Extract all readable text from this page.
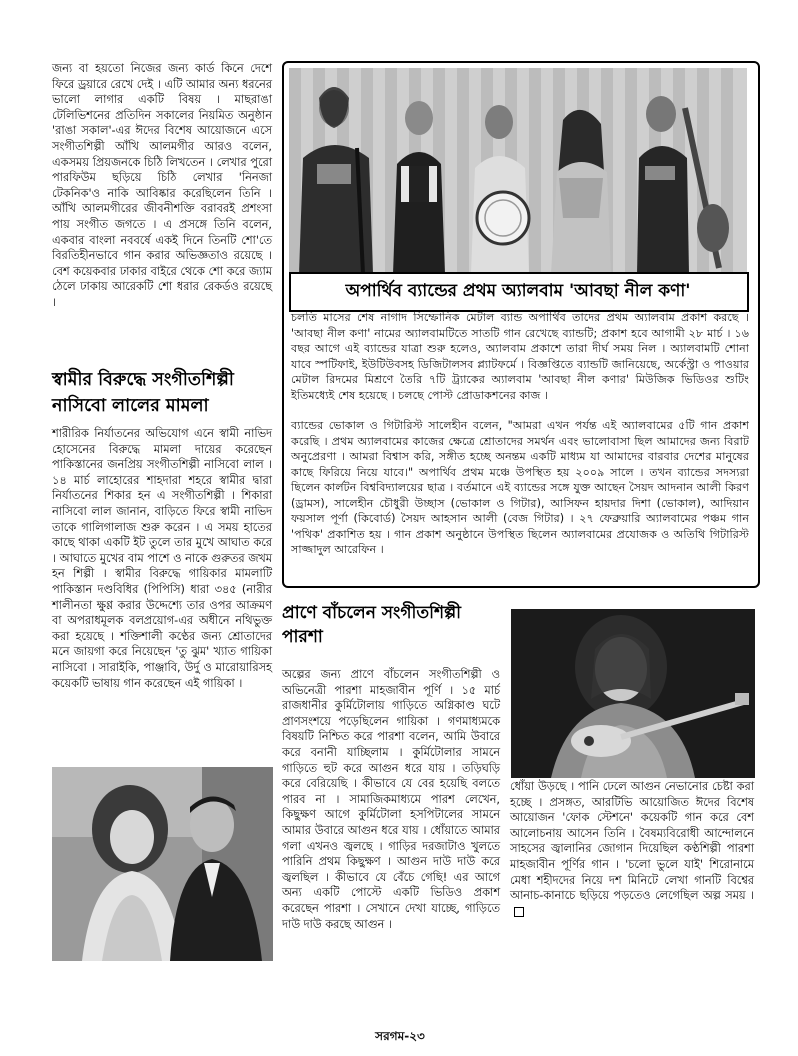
জন্য বা হয়তো নিজের জন্য কার্ড কিনে দেশে ফিরে ড্রয়ারে রেখে দেই । এটি আমার অন্য ধরনের ভালো লাগার একটি বিষয় । মাছরাঙা টেলিভিশনের প্রতিদিন সকালের নিয়মিত অনুষ্ঠান 'রাঙা সকাল'-এর ঈদের বিশেষ আয়োজনে এসে সংগীতশিল্পী আঁখি আলমগীর আরও বলেন, একসময় প্রিয়জনকে চিঠি লিখতেন । লেখার পুরো পারফিউম ছড়িয়ে চিঠি লেখার 'নিনজা টেকনিক'ও নাকি আবিষ্কার করেছিলেন তিনি । আঁখি আলমগীরের জীবনীশক্তি বরাবরই প্রশংসা পায় সংগীত জগতে । এ প্রসঙ্গে তিনি বলেন, একবার বাংলা নববর্ষে একই দিনে তিনটি শো'তে বিরতিহীনভাবে গান করার অভিজ্ঞতাও রয়েছে । বেশ কয়েকবার ঢাকার বাইরে থেকে শো করে জ্যাম ঠেলে ঢাকায় আরেকটি শো ধরার রেকর্ডও রয়েছে ।
স্বামীর বিরুদ্ধে সংগীতশিল্পী
নাসিবো লালের মামলা
শারীরিক নির্যাতনের অভিযোগ এনে স্বামী নাভিদ হোসেনের বিরুদ্ধে মামলা দায়ের করেছেন পাকিস্তানের জনপ্রিয় সংগীতশিল্পী নাসিবো লাল । ১৪ মার্চ লাহোরের শাহদারা শহরে স্বামীর দ্বারা নির্যাতনের শিকার হন এ সংগীতশিল্পী । শিকারা নাসিবো লাল জানান, বাড়িতে ফিরে স্বামী নাভিদ তাকে গালিগালাজ শুরু করেন । এ সময় হাতের কাছে থাকা একটি ইট তুলে তার মুখে আঘাত করে । আঘাতে মুখের বাম পাশে ও নাকে গুরুতর জখম হন শিল্পী । স্বামীর বিরুদ্ধে গায়িকার মামলাটি পাকিস্তান দণ্ডবিধির (পিপিসি) ধারা ৩৪৫ (নারীর শালীনতা ক্ষুণ্ণ করার উদ্দেশ্যে তার ওপর আক্রমণ বা অপরাধমূলক বলপ্রয়োগ-এর অধীনে নথিভুক্ত করা হয়েছে । শক্তিশালী কণ্ঠের জন্য শ্রোতাদের মনে জায়গা করে নিয়েছেন 'তু ঝুম' খ্যাত গায়িকা নাসিবো । সারাইকি, পাঞ্জাবি, উর্দু ও মারোয়ারিসহ কয়েকটি ভাষায় গান করেছেন এই গায়িকা ।
অপার্থিব ব্যান্ডের প্রথম অ্যালবাম 'আবছা নীল কণা'
চলতি মাসের শেষ নাগাদ সিম্ফোনিক মেটাল ব্যান্ড অপার্থিব তাদের প্রথম অ্যালবাম প্রকাশ করছে । 'আবছা নীল কণা' নামের অ্যালবামটিতে সাতটি গান রেখেছে ব্যান্ডটি; প্রকাশ হবে আগামী ২৮ মার্চ । ১৬ বছর আগে এই ব্যান্ডের যাত্রা শুরু হলেও, অ্যালবাম প্রকাশে তারা দীর্ঘ সময় নিল । অ্যালবামটি শোনা যাবে স্পটিফাই, ইউটিউবসহ ডিজিটালসব প্ল্যাটফর্মে । বিজ্ঞপ্তিতে ব্যান্ডটি জানিয়েছে, অর্কেস্ট্রা ও পাওয়ার মেটাল রিদমের মিশ্রণে তৈরি ৭টি ট্র্যাকের অ্যালবাম 'আবছা নীল কণার' মিউজিক ভিডিওর শুটিং ইতিমধ্যেই শেষ হয়েছে । চলছে পোস্ট প্রোডাকশনের কাজ ।
ব্যান্ডের ভোকাল ও গিটারিস্ট সালেহীন বলেন, "আমরা এখন পর্যন্ত এই অ্যালবামের ৫টি গান প্রকাশ করেছি । প্রথম অ্যালবামের কাজের ক্ষেত্রে শ্রোতাদের সমর্থন এবং ভালোবাসা ছিল আমাদের জন্য বিরাট অনুপ্রেরণা । আমরা বিশ্বাস করি, সঙ্গীত হচ্ছে অনন্তম একটি মাধ্যম যা আমাদের বারবার দেশের মানুষের কাছে ফিরিয়ে নিয়ে যাবে।" অপার্থিব প্রথম মঞ্চে উপস্থিত হয় ২০০৯ সালে । তখন ব্যান্ডের সদস্যরা ছিলেন কার্লটন বিশ্ববিদ্যালয়ের ছাত্র । বর্তমানে এই ব্যান্ডের সঙ্গে যুক্ত আছেন সৈয়দ আদনান আলী কিরণ (ড্রামস), সালেহীন চৌধুরী উচ্ছাস (ভোকাল ও গিটার), আসিফন হায়দার দিশা (ভোকাল), আদিয়ান ফয়সাল পূর্ণা (কিবোর্ড) সৈয়দ আহসান আলী (বেজ গিটার) । ২৭ ফেব্রুয়ারি অ্যালবামের পঞ্চম গান 'পথিক' প্রকাশিত হয় । গান প্রকাশ অনুষ্ঠানে উপস্থিত ছিলেন অ্যালবামের প্রযোজক ও অতিথি গিটারিস্ট সাজ্জাদুল আরেফিন ।
প্রাণে বাঁচলেন সংগীতশিল্পী
পারশা
অল্পের জন্য প্রাণে বাঁচলেন সংগীতশিল্পী ও অভিনেত্রী পারশা মাহজাবীন পূর্ণি । ১৫ মার্চ রাজধানীর কুর্মিটোলায় গাড়িতে অগ্নিকাণ্ড ঘটে প্রাণসংশয়ে পড়েছিলেন গায়িকা । গণমাধ্যমকে বিষয়টি নিশ্চিত করে পারশা বলেন, আমি উবারে করে বনানী যাচ্ছিলাম । কুর্মিটোলার সামনে গাড়িতে হুট করে আগুন ধরে যায় । তড়িঘড়ি করে বেরিয়েছি । কীভাবে যে বের হয়েছি বলতে পারব না । সামাজিকমাধ্যমে পারশ লেখেন, কিছুক্ষণ আগে কুর্মিটোলা হসপিটালের সামনে আমার উবারে আগুন ধরে যায় । ধোঁয়াতে আমার গলা এখনও জ্বলছে । গাড়ির দরজাটাও খুলতে পারিনি প্রথম কিছুক্ষণ । আগুন দাউ দাউ করে জ্বলছিল । কীভাবে যে বেঁচে গেছি! এর আগে অন্য একটি পোস্টে একটি ভিডিও প্রকাশ করেছেন পারশা । সেখানে দেখা যাচ্ছে, গাড়িতে দাউ দাউ করছে আগুন ।
ধোঁয়া উড়ছে । পানি ঢেলে আগুন নেভানোর চেষ্টা করা হচ্ছে । প্রসঙ্গত, আরটিভি আয়োজিত ঈদের বিশেষ আয়োজন 'ফোক স্টেশনে' কয়েকটি গান করে বেশ আলোচনায় আসেন তিনি । বৈষম্যবিরোধী আন্দোলনে সাহসের জ্বালানির জোগান দিয়েছিল কণ্ঠশিল্পী পারশা মাহজাবীন পূর্ণির গান । 'চলো ভুলে যাই' শিরোনামে মেধা শহীদদের নিয়ে দশ মিনিটে লেখা গানটি বিশ্বের আনাচ-কানাচে ছড়িয়ে পড়তেও লেগেছিল অল্প সময় ।
সরগম-২৩
